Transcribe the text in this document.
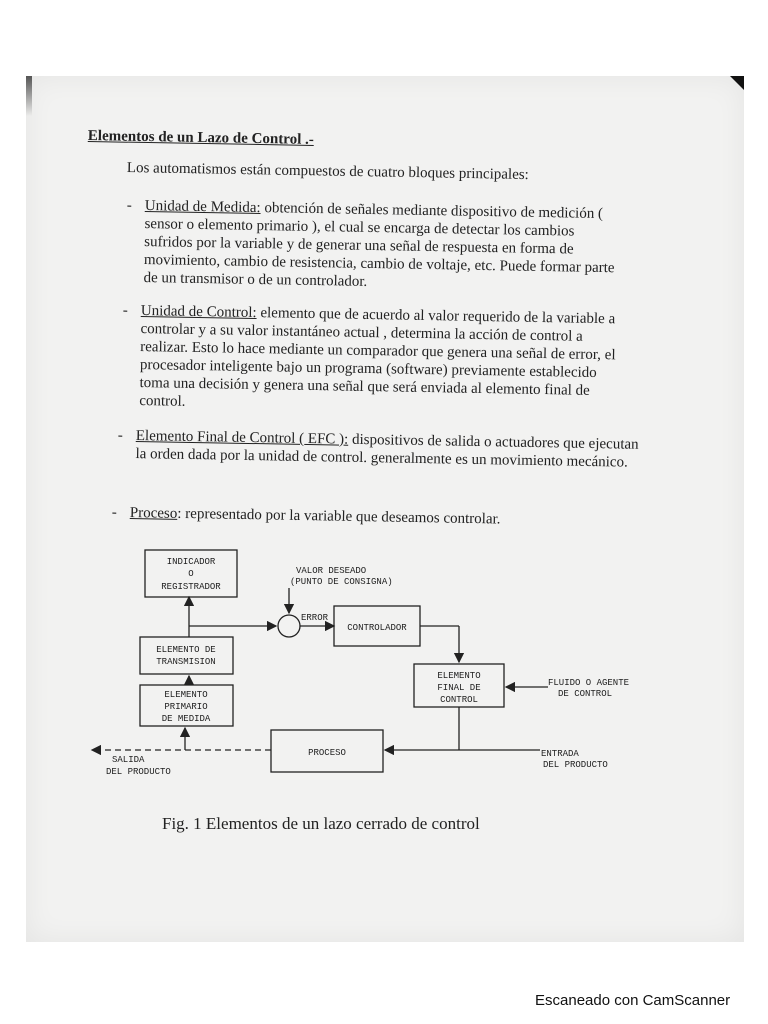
Elementos de un Lazo de Control .-
Los automatismos están compuestos de cuatro bloques principales:
- Unidad de Medida: obtención de señales mediante dispositivo de medición ( sensor o elemento primario ), el cual se encarga de detectar los cambios sufridos por la variable y de generar una señal de respuesta en forma de movimiento, cambio de resistencia, cambio de voltaje, etc. Puede formar parte de un transmisor o de un controlador.
- Unidad de Control: elemento que de acuerdo al valor requerido de la variable a controlar y a su valor instantáneo actual , determina la acción de control a realizar. Esto lo hace mediante un comparador que genera una señal de error, el procesador inteligente bajo un programa (software) previamente establecido toma una decisión y genera una señal que será enviada al elemento final de control.
- Elemento Final de Control ( EFC ): dispositivos de salida o actuadores que ejecutan la orden dada por la unidad de control. generalmente es un movimiento mecánico.
- Proceso: representado por la variable que deseamos controlar.
INDICADOR
O
REGISTRADOR
VALOR DESEADO
(PUNTO DE CONSIGNA)
ERROR
CONTROLADOR
ELEMENTO DE
TRANSMISION
ELEMENTO
FINAL DE
CONTROL
FLUIDO O AGENTE
DE CONTROL
ELEMENTO
PRIMARIO
DE MEDIDA
PROCESO
SALIDA
DEL PRODUCTO
ENTRADA
DEL PRODUCTO
Fig. 1 Elementos de un lazo cerrado de control
Escaneado con CamScanner
